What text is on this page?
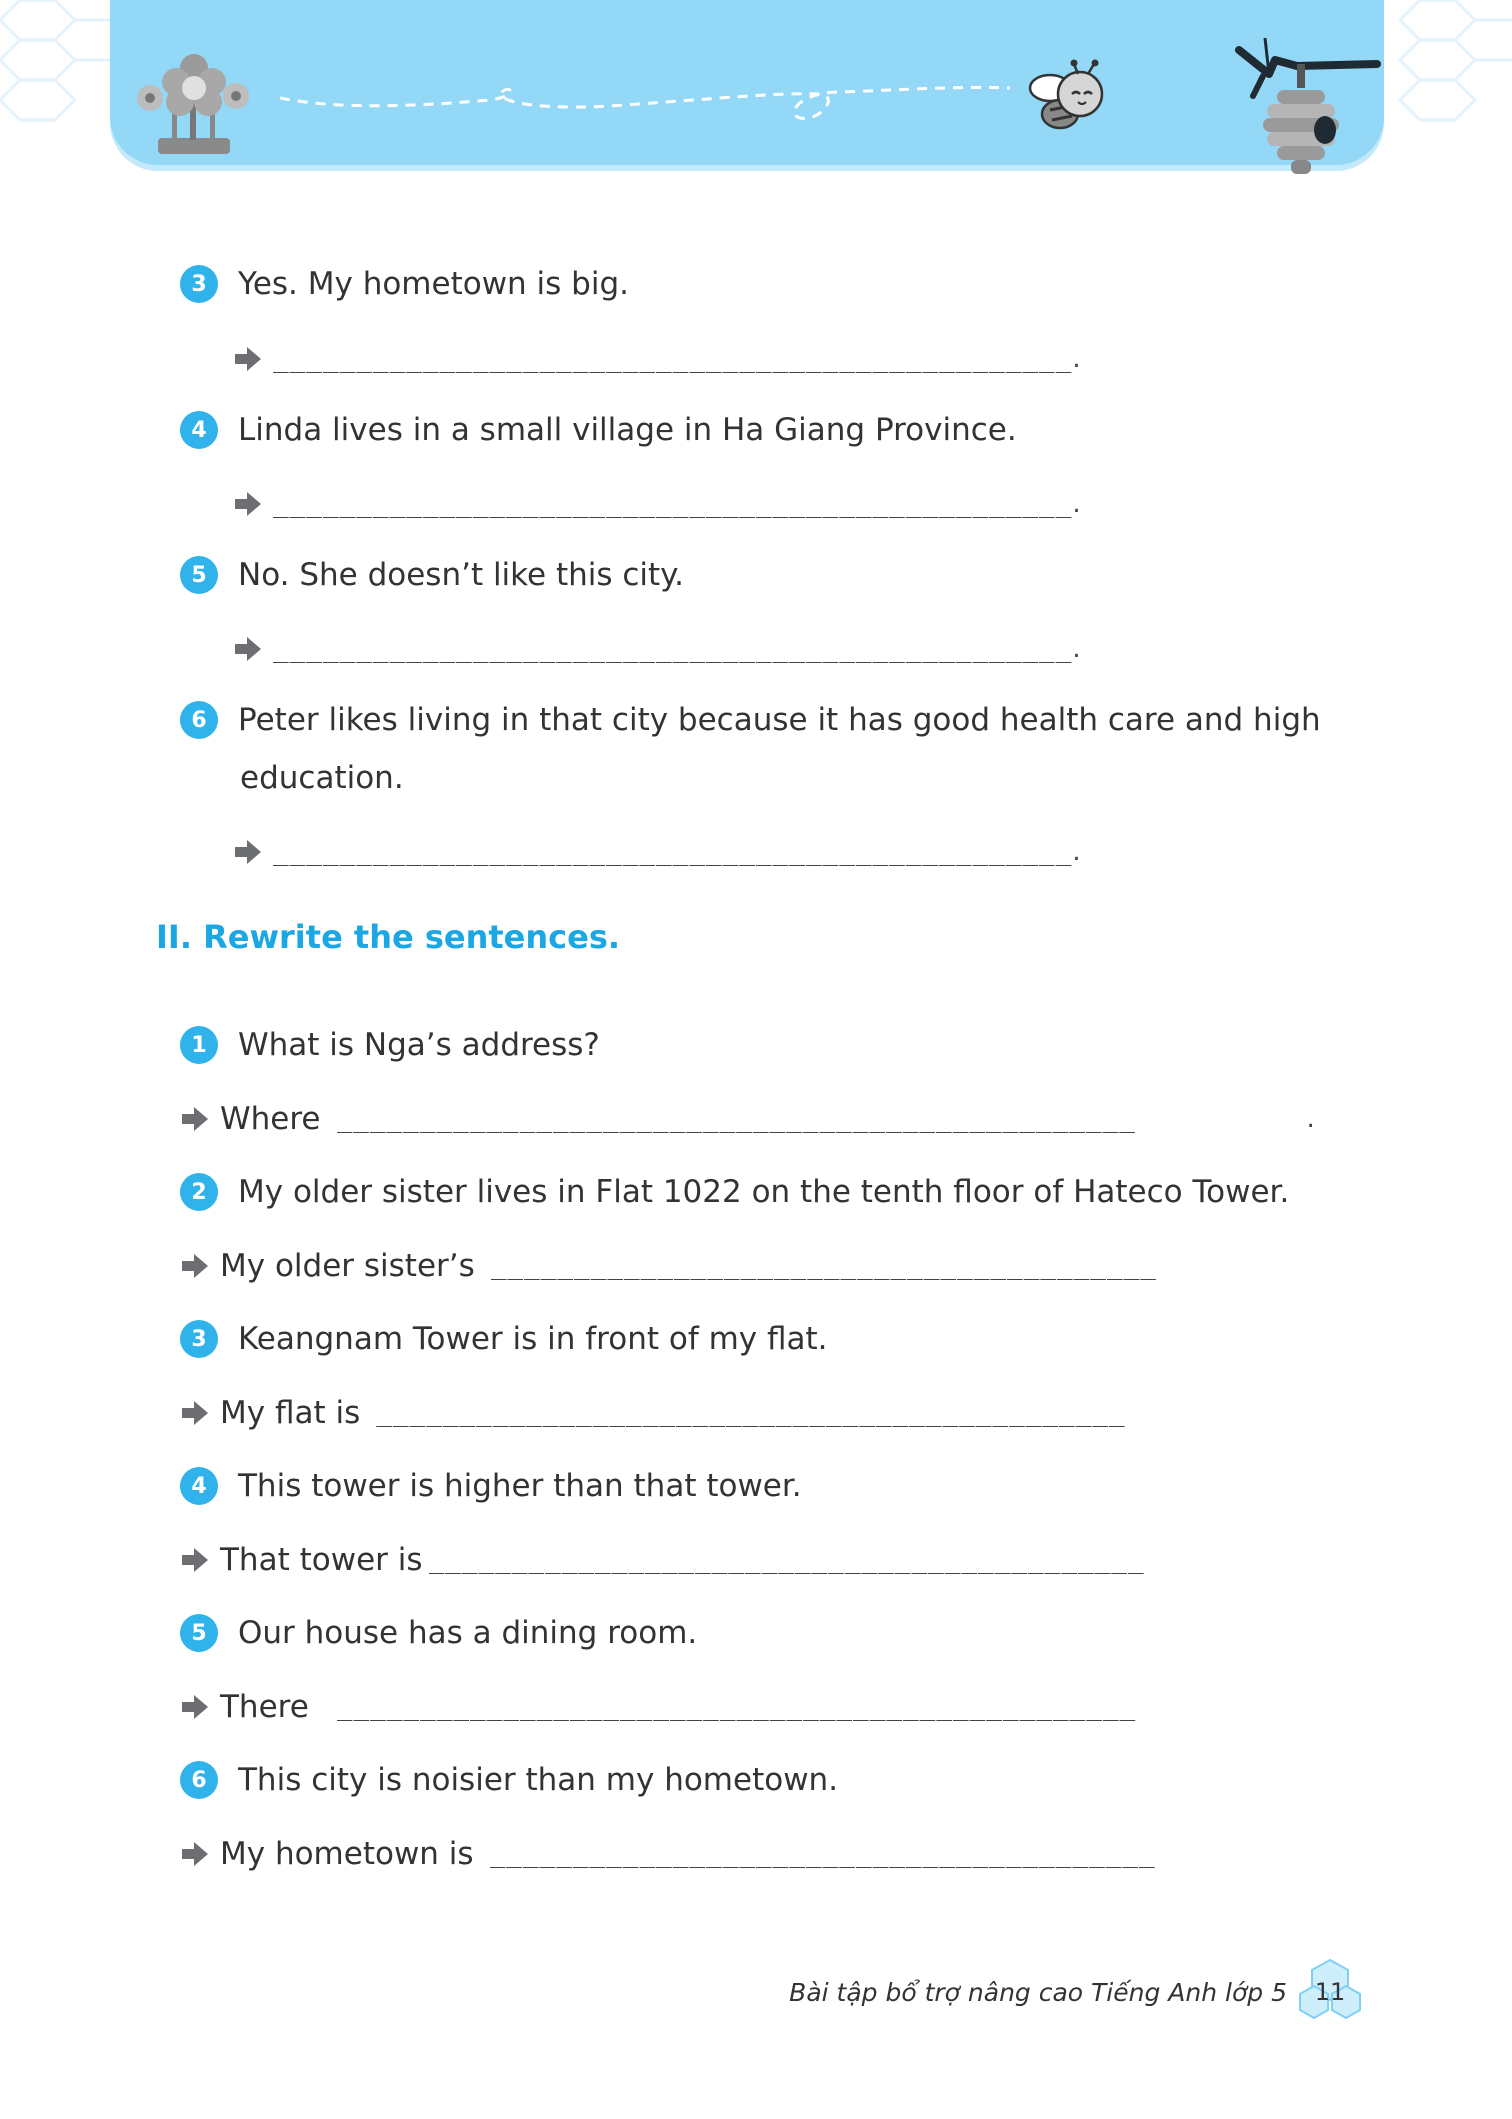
3	Yes. My hometown is big.
________________________________________________ .
4	Linda lives in a small village in Ha Giang Province.
________________________________________________ .
5	No. She doesn’t like this city.
________________________________________________ .
6	Peter likes living in that city because it has good health care and high
education.
________________________________________________ .
II. Rewrite the sentences.
1	What is Nga’s address?
Where ________________________________________________	.
2	My older sister lives in Flat 1022 on the tenth floor of Hateco Tower.
My older sister’s ________________________________________
3	Keangnam Tower is in front of my flat.
My flat is _____________________________________________
4	This tower is higher than that tower.
That tower is ___________________________________________
5	Our house has a dining room.
There ________________________________________________
6	This city is noisier than my hometown.
My hometown is ________________________________________
Bài tập bổ trợ nâng cao Tiếng Anh lớp 5 11
